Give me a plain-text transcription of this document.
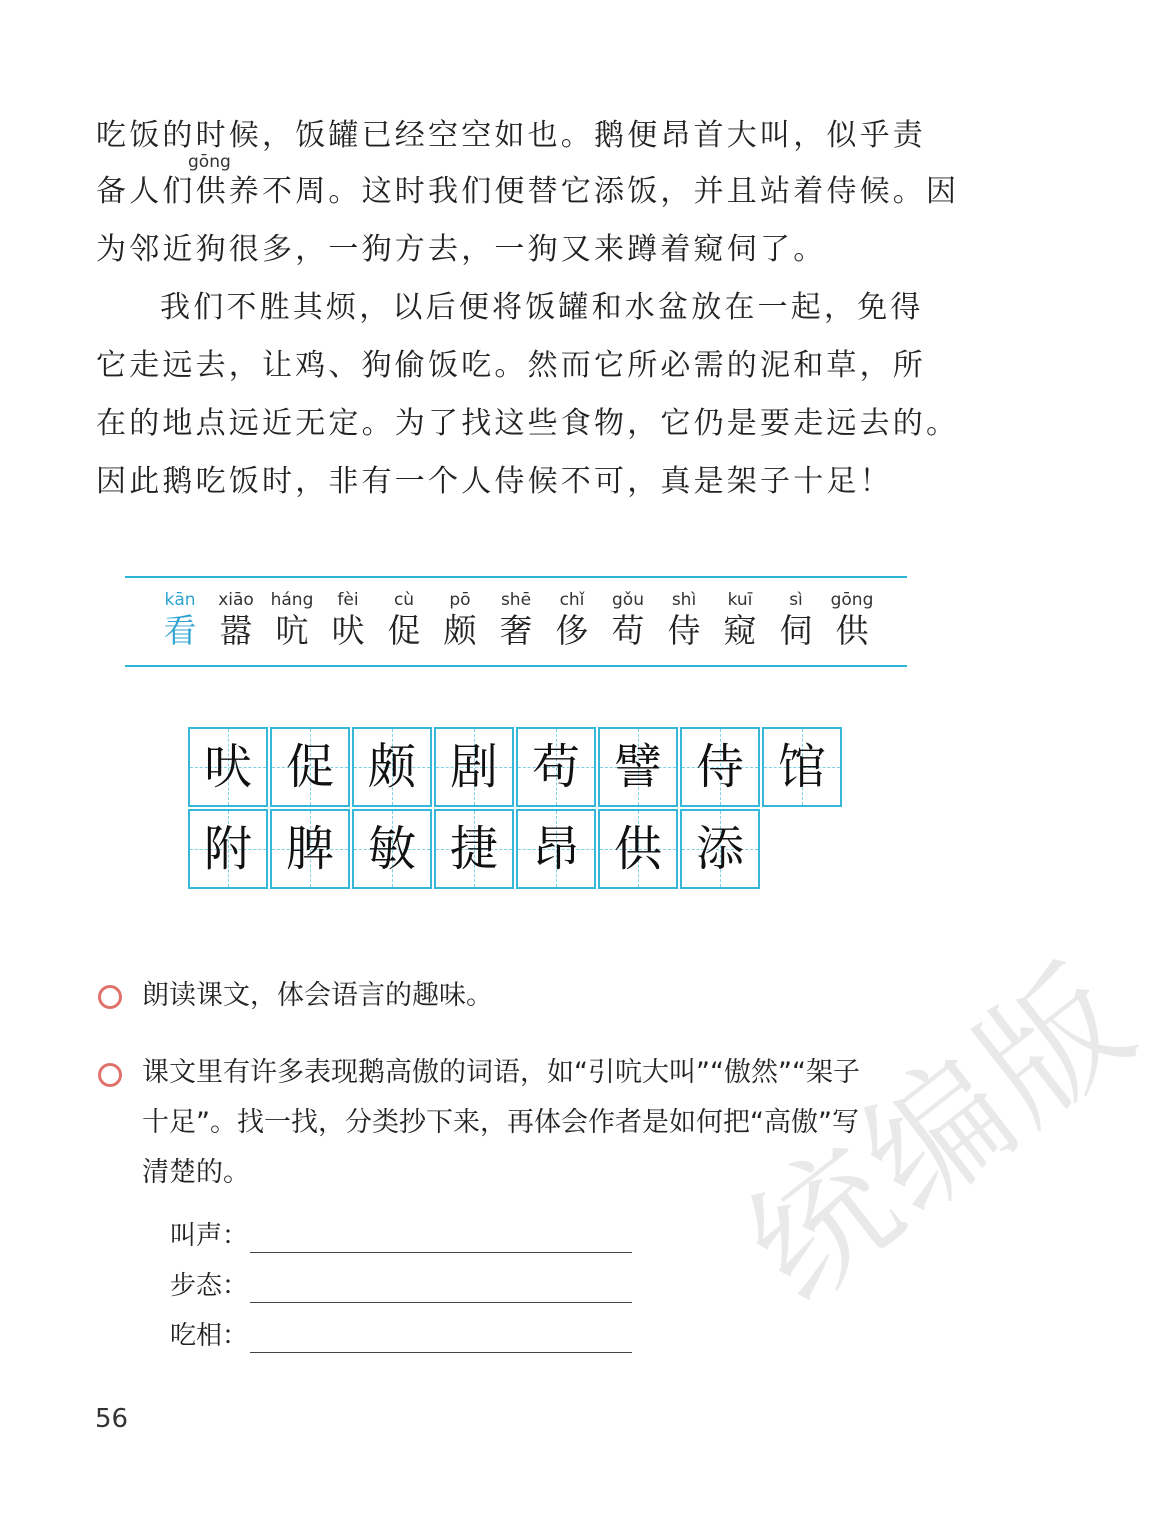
吃饭的时候，饭罐已经空空如也。鹅便昂首大叫，似乎责
gōng
备人们供养不周。这时我们便替它添饭，并且站着侍候。因
为邻近狗很多，一狗方去，一狗又来蹲着窥伺了。
我们不胜其烦，以后便将饭罐和水盆放在一起，免得
它走远去，让鸡、狗偷饭吃。然而它所必需的泥和草，所
在的地点远近无定。为了找这些食物，它仍是要走远去的。
因此鹅吃饭时，非有一个人侍候不可，真是架子十足！
kān
看
xiāo
嚣
háng
吭
fèi
吠
cù
促
pō
颇
shē
奢
chǐ
侈
gǒu
苟
shì
侍
kuī
窥
sì
伺
gōng
供
吠 促 颇 剧 苟 譬 侍 馆
附 脾 敏 捷 昂 供 添
朗读课文，体会语言的趣味。
课文里有许多表现鹅高傲的词语，如“引吭大叫”“傲然”“架子
十足”。找一找，分类抄下来，再体会作者是如何把“高傲”写
清楚的。
叫声：
步态：
吃相：
56
统编版
